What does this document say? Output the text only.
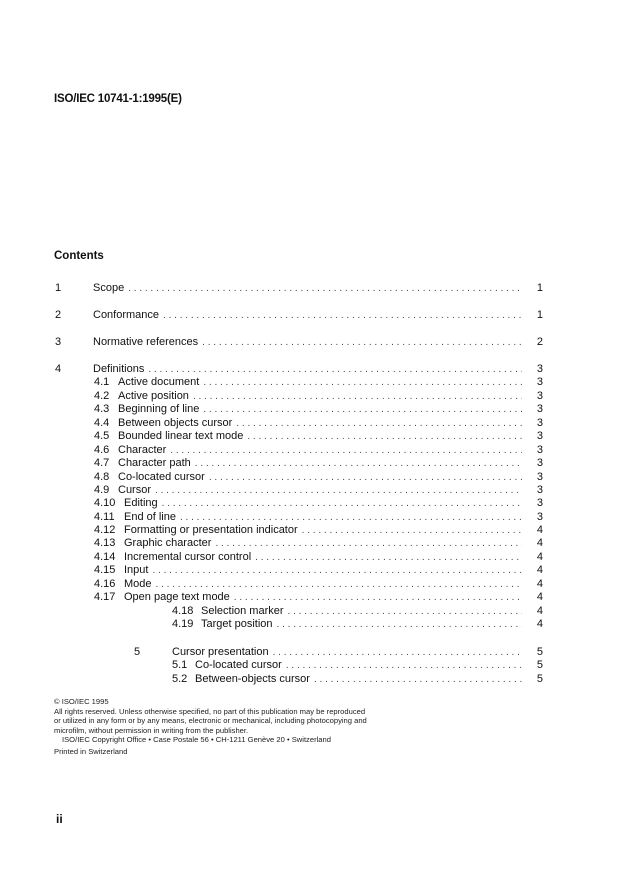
ISO/IEC 10741-1:1995(E)
Contents
1	Scope . . .	1
2	Conformance . . .	1
3	Normative references . . .	2
4	Definitions . . .	3
4.1 Active document . . .	3
4.2 Active position . . .	3
4.3 Beginning of line . . .	3
4.4 Between objects cursor . . .	3
4.5 Bounded linear text mode . . .	3
4.6 Character . . .	3
4.7 Character path . . .	3
4.8 Co-located cursor . . .	3
4.9 Cursor . . .	3
4.10 Editing . . .	3
4.11 End of line . . .	3
4.12 Formatting or presentation indicator . . .	4
4.13 Graphic character . . .	4
4.14 Incremental cursor control . . .	4
4.15 Input . . .	4
4.16 Mode . . .	4
4.17 Open page text mode . . .	4
4.18 Selection marker . . .	4
4.19 Target position . . .	4
5	Cursor presentation . . .	5
5.1 Co-located cursor . . .	5
5.2 Between-objects cursor . . .	5
© ISO/IEC 1995
All rights reserved. Unless otherwise specified, no part of this publication may be reproduced
or utilized in any form or by any means, electronic or mechanical, including photocopying and
microfilm, without permission in writing from the publisher.
ISO/IEC Copyright Office • Case Postale 56 • CH-1211 Genève 20 • Switzerland
Printed in Switzerland
ii
